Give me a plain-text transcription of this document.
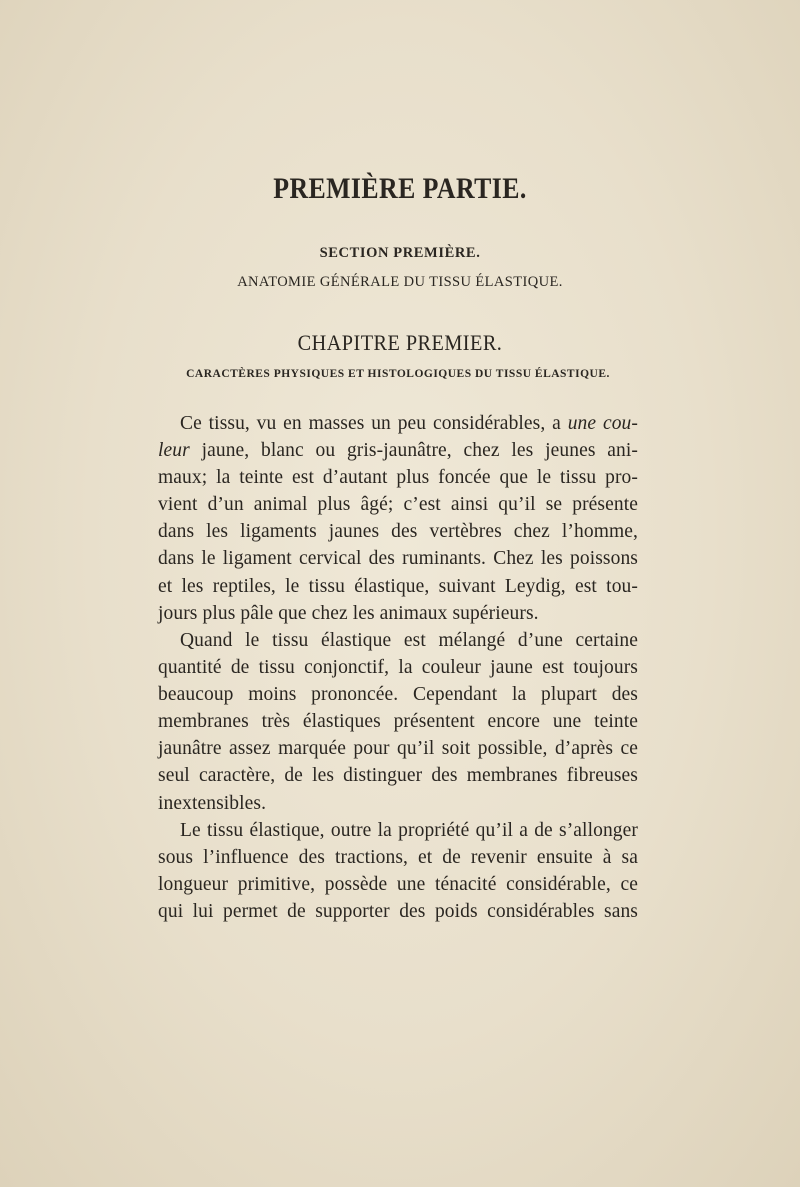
PREMIÈRE PARTIE.
SECTION PREMIÈRE.
ANATOMIE GÉNÉRALE DU TISSU ÉLASTIQUE.
CHAPITRE PREMIER.
CARACTÈRES PHYSIQUES ET HISTOLOGIQUES DU TISSU ÉLASTIQUE.
Ce tissu, vu en masses un peu considérables, a une cou-
leur jaune, blanc ou gris-jaunâtre, chez les jeunes ani-
maux; la teinte est d’autant plus foncée que le tissu pro-
vient d’un animal plus âgé; c’est ainsi qu’il se présente
dans les ligaments jaunes des vertèbres chez l’homme,
dans le ligament cervical des ruminants. Chez les poissons
et les reptiles, le tissu élastique, suivant Leydig, est tou-
jours plus pâle que chez les animaux supérieurs.
Quand le tissu élastique est mélangé d’une certaine
quantité de tissu conjonctif, la couleur jaune est toujours
beaucoup moins prononcée. Cependant la plupart des
membranes très élastiques présentent encore une teinte
jaunâtre assez marquée pour qu’il soit possible, d’après ce
seul caractère, de les distinguer des membranes fibreuses
inextensibles.
Le tissu élastique, outre la propriété qu’il a de s’allonger
sous l’influence des tractions, et de revenir ensuite à sa
longueur primitive, possède une ténacité considérable, ce
qui lui permet de supporter des poids considérables sans
